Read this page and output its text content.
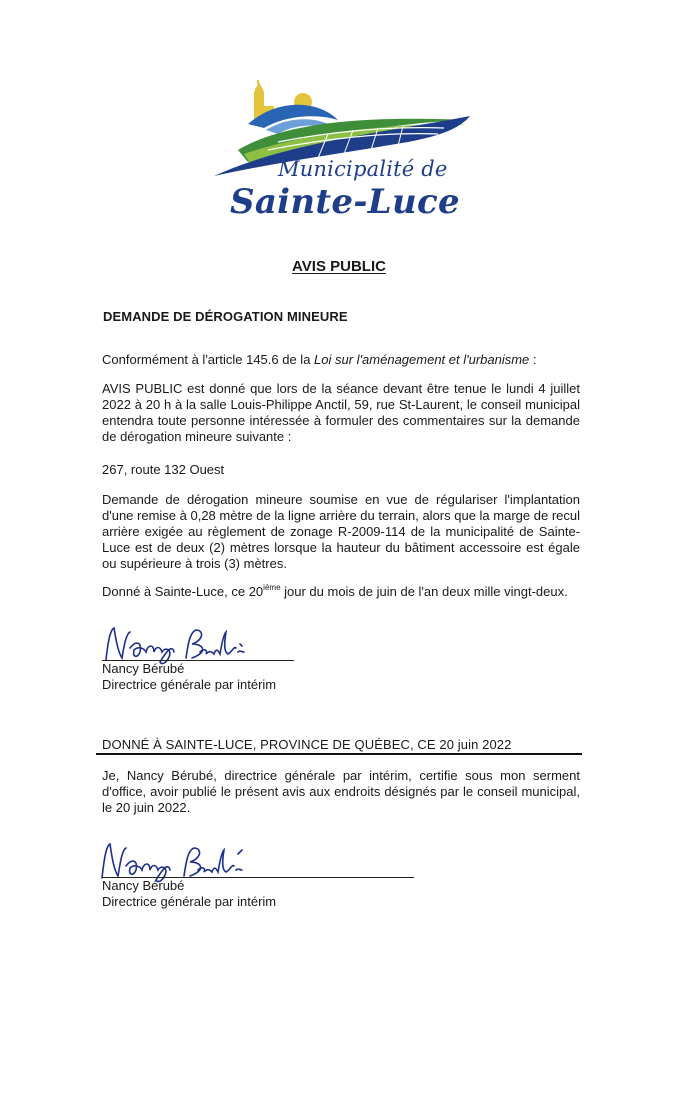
Municipalité de
Sainte-Luce
AVIS PUBLIC
DEMANDE DE DÉROGATION MINEURE
Conformément à l'article 145.6 de la Loi sur l'aménagement et l'urbanisme :
AVIS PUBLIC est donné que lors de la séance devant être tenue le lundi 4 juillet 2022 à 20 h à la salle Louis-Philippe Anctil, 59, rue St-Laurent, le conseil municipal entendra toute personne intéressée à formuler des commentaires sur la demande de dérogation mineure suivante :
267, route 132 Ouest
Demande de dérogation mineure soumise en vue de régulariser l'implantation d'une remise à 0,28 mètre de la ligne arrière du terrain, alors que la marge de recul arrière exigée au règlement de zonage R-2009-114 de la municipalité de Sainte-Luce est de deux (2) mètres lorsque la hauteur du bâtiment accessoire est égale ou supérieure à trois (3) mètres.
Donné à Sainte-Luce, ce 20ième jour du mois de juin de l'an deux mille vingt-deux.
Nancy Bérubé
Directrice générale par intérim
DONNÉ À SAINTE-LUCE, PROVINCE DE QUÉBEC, CE 20 juin 2022
Je, Nancy Bérubé, directrice générale par intérim, certifie sous mon serment d'office, avoir publié le présent avis aux endroits désignés par le conseil municipal, le 20 juin 2022.
Nancy Bérubé
Directrice générale par intérim
